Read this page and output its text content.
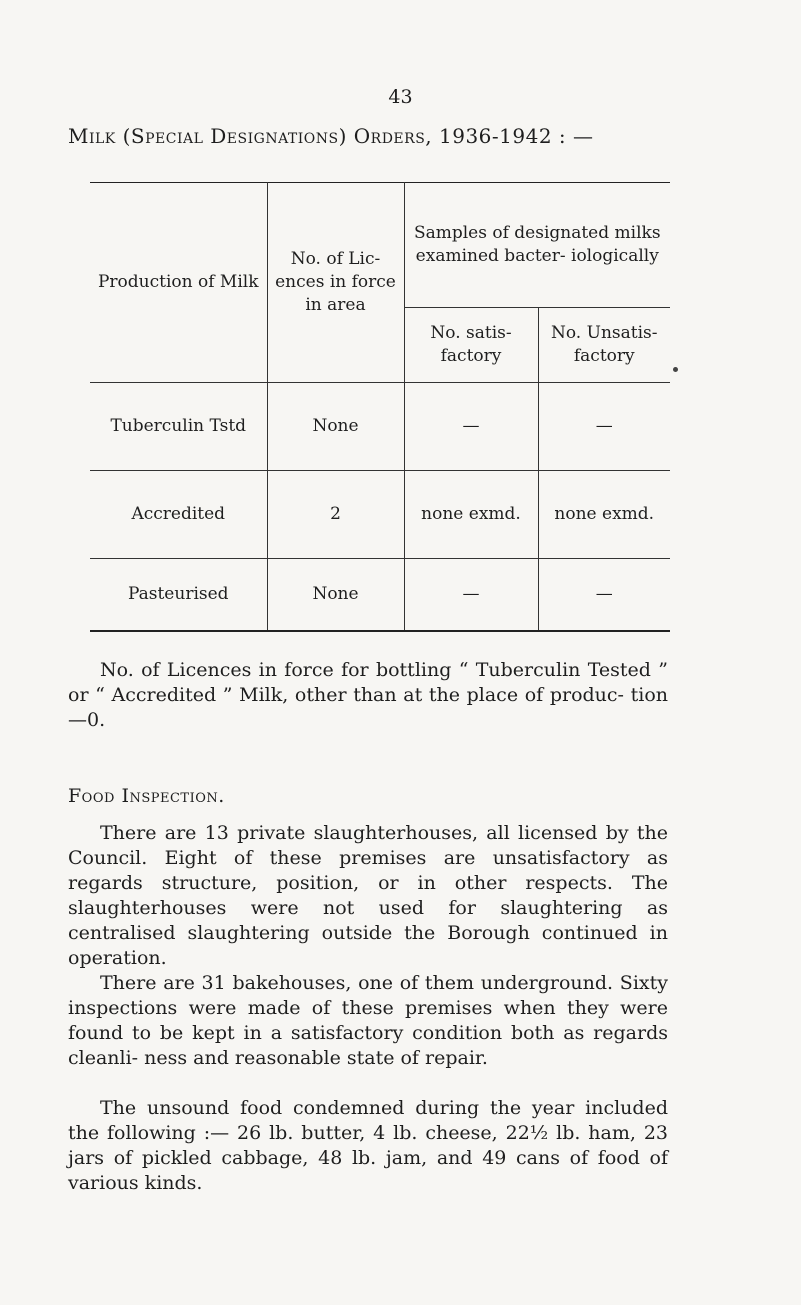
43
Milk (Special Designations) Orders, 1936-1942 : —
Production of Milk	No. of Lic- ences in force in area	Samples of designated milks examined bacter- iologically	
		No. satis- factory	No. Unsatis- factory
Tuberculin Tstd	None	—	—
Accredited	2	none exmd.	none exmd.
Pasteurised	None	—	—

No. of Licences in force for bottling “ Tuberculin Tested ” or “ Accredited ” Milk, other than at the place of produc- tion—0.

Food Inspection.

There are 13 private slaughterhouses, all licensed by the Council. Eight of these premises are unsatisfactory as regards structure, position, or in other respects. The slaughterhouses were not used for slaughtering as centralised slaughtering outside the Borough continued in operation.

There are 31 bakehouses, one of them underground. Sixty inspections were made of these premises when they were found to be kept in a satisfactory condition both as regards cleanli- ness and reasonable state of repair.

The unsound food condemned during the year included the following :— 26 lb. butter, 4 lb. cheese, 22½ lb. ham, 23 jars of pickled cabbage, 48 lb. jam, and 49 cans of food of various kinds.
